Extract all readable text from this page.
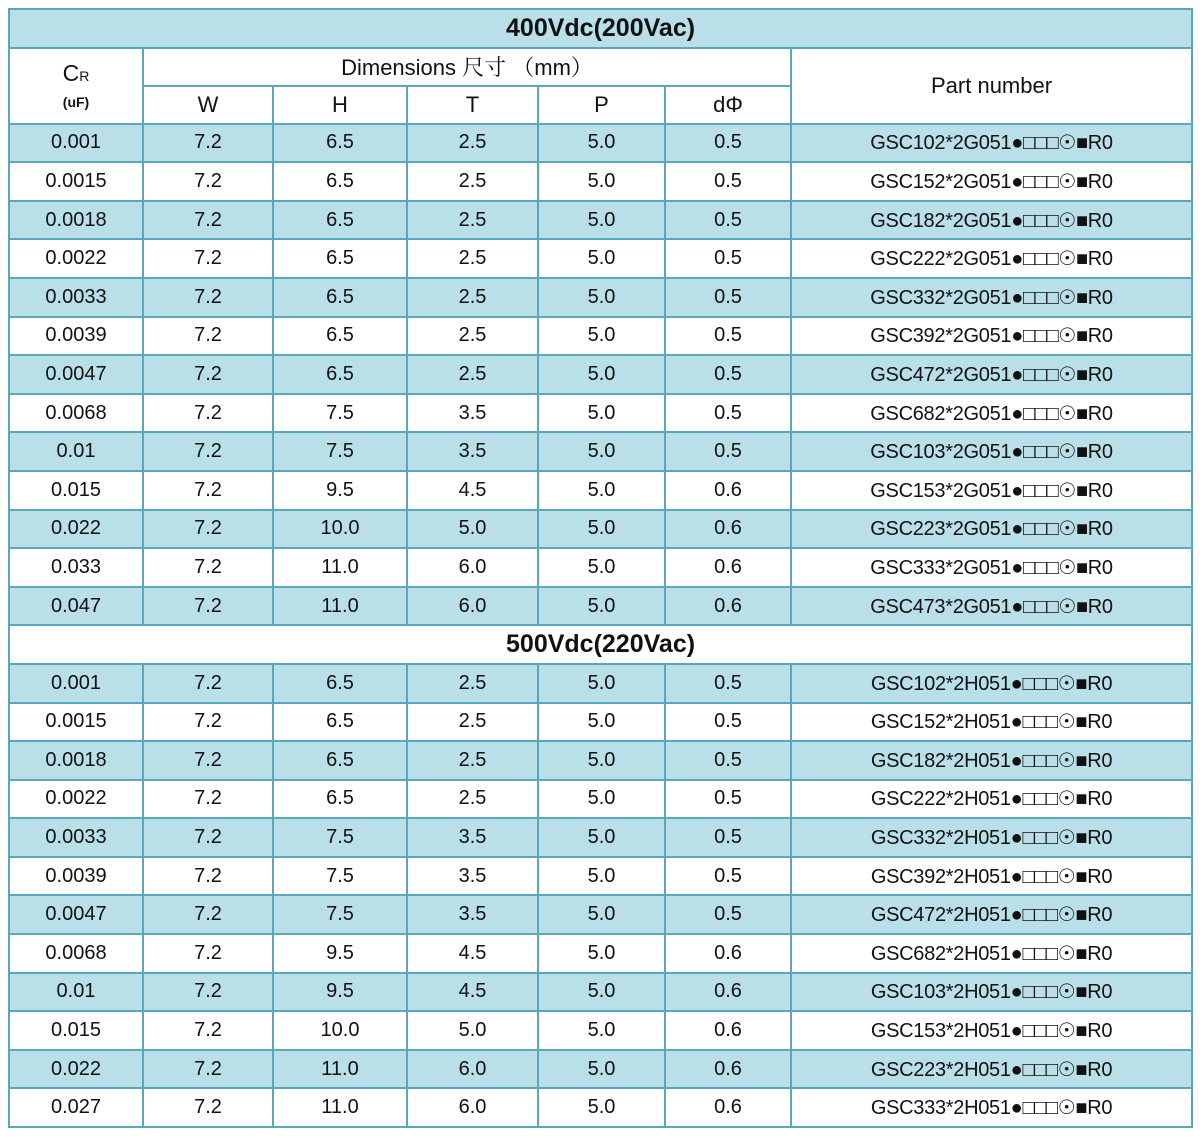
400Vdc(200Vac)						

CR
(uF)	Dimensions 尺寸 （mm）					Part number
	W	H	T	P	dΦ	
0.001	7.2	6.5	2.5	5.0	0.5	GSC102*2G051●□□□☉■R0
0.0015	7.2	6.5	2.5	5.0	0.5	GSC152*2G051●□□□☉■R0
0.0018	7.2	6.5	2.5	5.0	0.5	GSC182*2G051●□□□☉■R0
0.0022	7.2	6.5	2.5	5.0	0.5	GSC222*2G051●□□□☉■R0
0.0033	7.2	6.5	2.5	5.0	0.5	GSC332*2G051●□□□☉■R0
0.0039	7.2	6.5	2.5	5.0	0.5	GSC392*2G051●□□□☉■R0
0.0047	7.2	6.5	2.5	5.0	0.5	GSC472*2G051●□□□☉■R0
0.0068	7.2	7.5	3.5	5.0	0.5	GSC682*2G051●□□□☉■R0
0.01	7.2	7.5	3.5	5.0	0.5	GSC103*2G051●□□□☉■R0
0.015	7.2	9.5	4.5	5.0	0.6	GSC153*2G051●□□□☉■R0
0.022	7.2	10.0	5.0	5.0	0.6	GSC223*2G051●□□□☉■R0
0.033	7.2	11.0	6.0	5.0	0.6	GSC333*2G051●□□□☉■R0
0.047	7.2	11.0	6.0	5.0	0.6	GSC473*2G051●□□□☉■R0
500Vdc(220Vac)						
0.001	7.2	6.5	2.5	5.0	0.5	GSC102*2H051●□□□☉■R0
0.0015	7.2	6.5	2.5	5.0	0.5	GSC152*2H051●□□□☉■R0
0.0018	7.2	6.5	2.5	5.0	0.5	GSC182*2H051●□□□☉■R0
0.0022	7.2	6.5	2.5	5.0	0.5	GSC222*2H051●□□□☉■R0
0.0033	7.2	7.5	3.5	5.0	0.5	GSC332*2H051●□□□☉■R0
0.0039	7.2	7.5	3.5	5.0	0.5	GSC392*2H051●□□□☉■R0
0.0047	7.2	7.5	3.5	5.0	0.5	GSC472*2H051●□□□☉■R0
0.0068	7.2	9.5	4.5	5.0	0.6	GSC682*2H051●□□□☉■R0
0.01	7.2	9.5	4.5	5.0	0.6	GSC103*2H051●□□□☉■R0
0.015	7.2	10.0	5.0	5.0	0.6	GSC153*2H051●□□□☉■R0
0.022	7.2	11.0	6.0	5.0	0.6	GSC223*2H051●□□□☉■R0
0.027	7.2	11.0	6.0	5.0	0.6	GSC333*2H051●□□□☉■R0
